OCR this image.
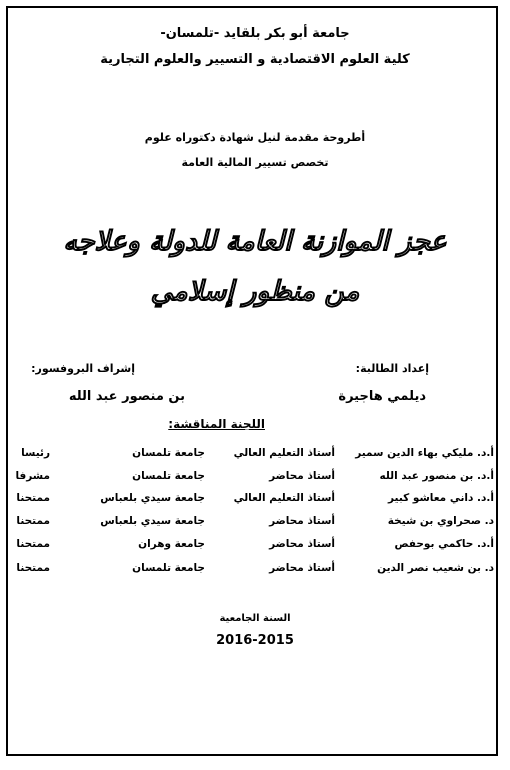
جامعة أبو بكر بلقايد -تلمسان-
كلية العلوم الاقتصادية و التسيير والعلوم التجارية
أطروحة مقدمة لنيل شهادة دكتوراه علوم
تخصص تسيير المالية العامة
عجز الموازنة العامة للدولة وعلاجه
من منظور إسلامي
إعداد الطالبة:
إشراف البروفسور:
ديلمي هاجيرة
بن منصور عبد الله
اللجنة المناقشة:
أ.د. مليكي بهاء الدين سمير
أستاذ التعليم العالي
جامعة تلمسان
رئيسا
أ.د. بن منصور عبد الله
أستاذ محاضر
جامعة تلمسان
مشرفا
أ.د. داني معاشو كبير
أستاذ التعليم العالي
جامعة سيدي بلعباس
ممتحنا
د. صحراوي بن شيخة
أستاذ محاضر
جامعة سيدي بلعباس
ممتحنا
أ.د. حاكمي بوحفص
أستاذ محاضر
جامعة وهران
ممتحنا
د. بن شعيب نصر الدين
أستاذ محاضر
جامعة تلمسان
ممتحنا
السنة الجامعية
2016-2015
